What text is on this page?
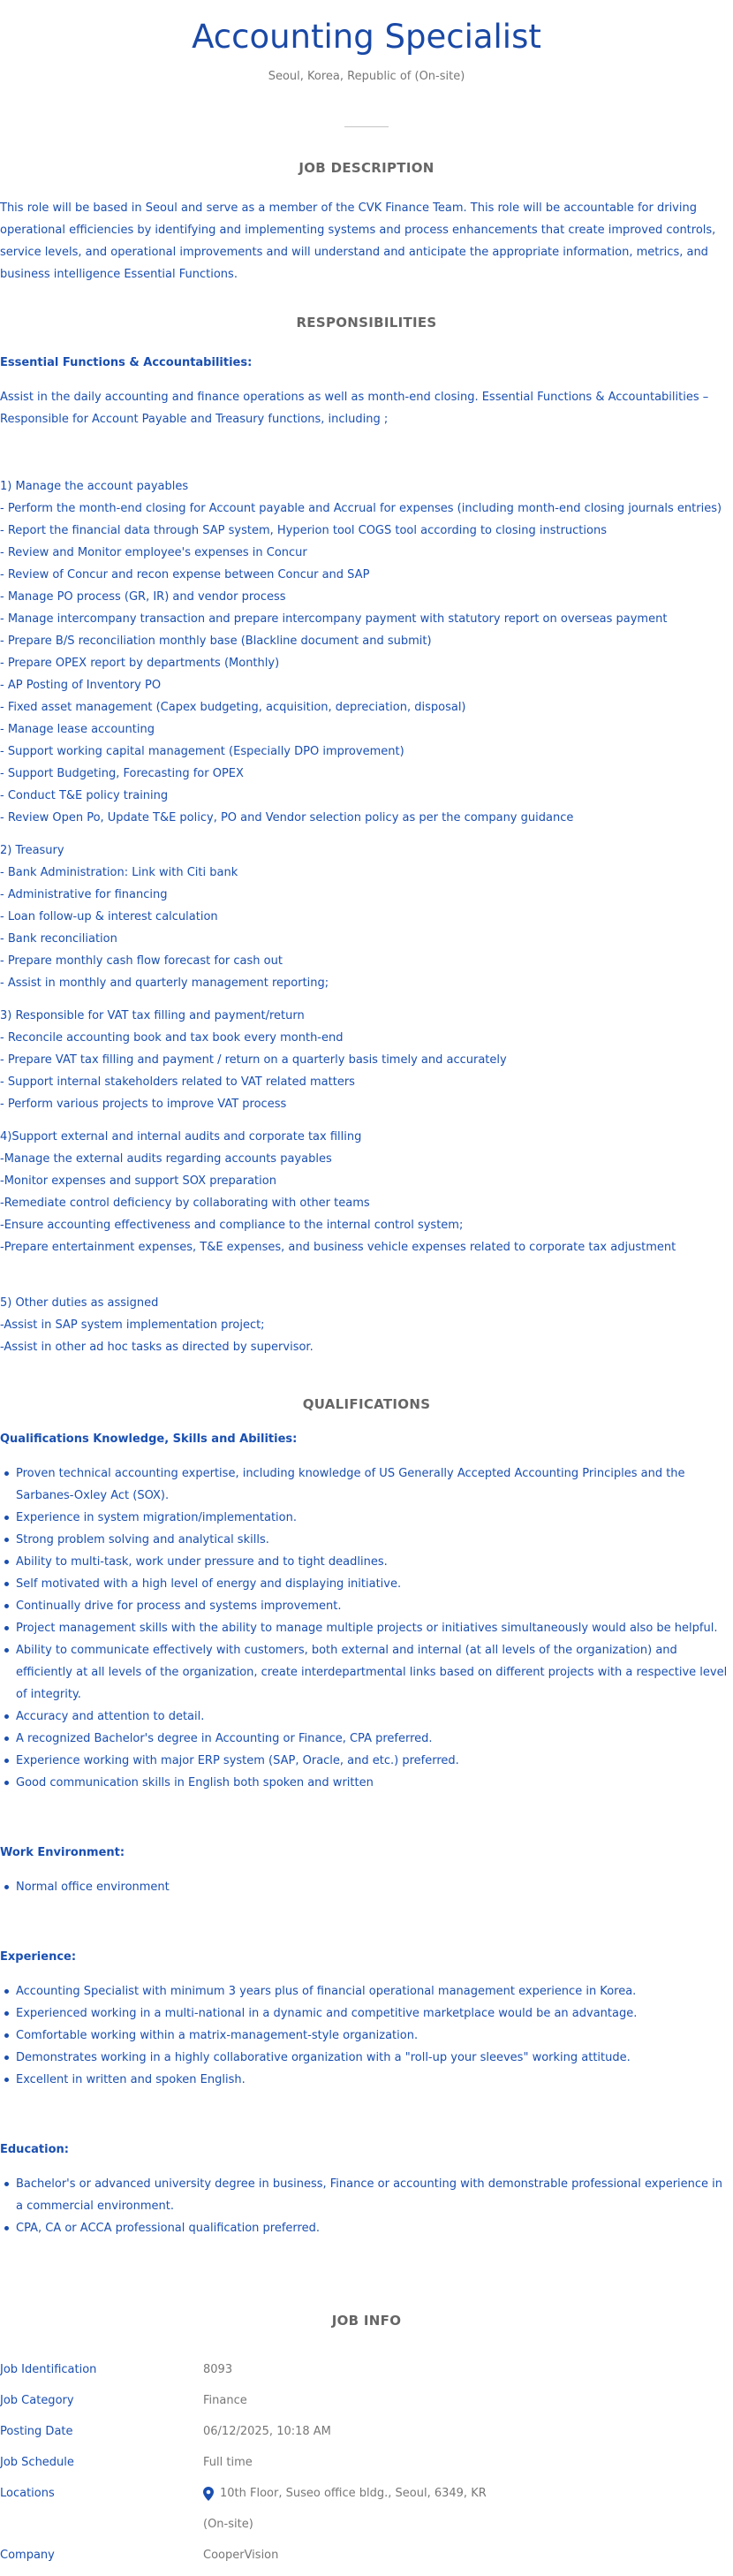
Accounting Specialist
Seoul, Korea, Republic of (On-site)
JOB DESCRIPTION

This role will be based in Seoul and serve as a member of the CVK Finance Team. This role will be accountable for driving operational efficiencies by identifying and implementing systems and process enhancements that create improved controls, service levels, and operational improvements and will understand and anticipate the appropriate information, metrics, and business intelligence Essential Functions.

RESPONSIBILITIES
Essential Functions & Accountabilities:

Assist in the daily accounting and finance operations as well as month-end closing. Essential Functions & Accountabilities – Responsible for Account Payable and Treasury functions, including ;

1) Manage the account payables
- Perform the month-end closing for Account payable and Accrual for expenses (including month-end closing journals entries)
- Report the financial data through SAP system, Hyperion tool COGS tool according to closing instructions
- Review and Monitor employee's expenses in Concur
- Review of Concur and recon expense between Concur and SAP
- Manage PO process (GR, IR) and vendor process
- Manage intercompany transaction and prepare intercompany payment with statutory report on overseas payment
- Prepare B/S reconciliation monthly base (Blackline document and submit)
- Prepare OPEX report by departments (Monthly)
- AP Posting of Inventory PO
- Fixed asset management (Capex budgeting, acquisition, depreciation, disposal)
- Manage lease accounting
- Support working capital management (Especially DPO improvement)
- Support Budgeting, Forecasting for OPEX
- Conduct T&E policy training
- Review Open Po, Update T&E policy, PO and Vendor selection policy as per the company guidance
2) Treasury
- Bank Administration: Link with Citi bank
- Administrative for financing
- Loan follow-up & interest calculation
- Bank reconciliation
- Prepare monthly cash flow forecast for cash out
- Assist in monthly and quarterly management reporting;
3) Responsible for VAT tax filling and payment/return
- Reconcile accounting book and tax book every month-end
- Prepare VAT tax filling and payment / return on a quarterly basis timely and accurately
- Support internal stakeholders related to VAT related matters
- Perform various projects to improve VAT process
4)Support external and internal audits and corporate tax filling
-Manage the external audits regarding accounts payables
-Monitor expenses and support SOX preparation
-Remediate control deficiency by collaborating with other teams
-Ensure accounting effectiveness and compliance to the internal control system;
-Prepare entertainment expenses, T&E expenses, and business vehicle expenses related to corporate tax adjustment
5) Other duties as assigned
-Assist in SAP system implementation project;
-Assist in other ad hoc tasks as directed by supervisor.
QUALIFICATIONS
Qualifications Knowledge, Skills and Abilities:
Proven technical accounting expertise, including knowledge of US Generally Accepted Accounting Principles and the Sarbanes-Oxley Act (SOX).
Experience in system migration/implementation.
Strong problem solving and analytical skills.
Ability to multi-task, work under pressure and to tight deadlines.
Self motivated with a high level of energy and displaying initiative.
Continually drive for process and systems improvement.
Project management skills with the ability to manage multiple projects or initiatives simultaneously would also be helpful.
Ability to communicate effectively with customers, both external and internal (at all levels of the organization) and efficiently at all levels of the organization, create interdepartmental links based on different projects with a respective level of integrity.
Accuracy and attention to detail.
A recognized Bachelor's degree in Accounting or Finance, CPA preferred.
Experience working with major ERP system (SAP, Oracle, and etc.) preferred.
Good communication skills in English both spoken and written
Work Environment:
Normal office environment
Experience:
Accounting Specialist with minimum 3 years plus of financial operational management experience in Korea.
Experienced working in a multi-national in a dynamic and competitive marketplace would be an advantage.
Comfortable working within a matrix-management-style organization.
Demonstrates working in a highly collaborative organization with a "roll-up your sleeves" working attitude.
Excellent in written and spoken English.
Education:
Bachelor's or advanced university degree in business, Finance or accounting with demonstrable professional experience in a commercial environment.
CPA, CA or ACCA professional qualification preferred.
JOB INFO
Job Identification	8093
Job Category	Finance
Posting Date	06/12/2025, 10:18 AM
Job Schedule	Full time
Locations	10th Floor, Suseo office bldg., Seoul, 6349, KR
(On-site)
Company	CooperVision
